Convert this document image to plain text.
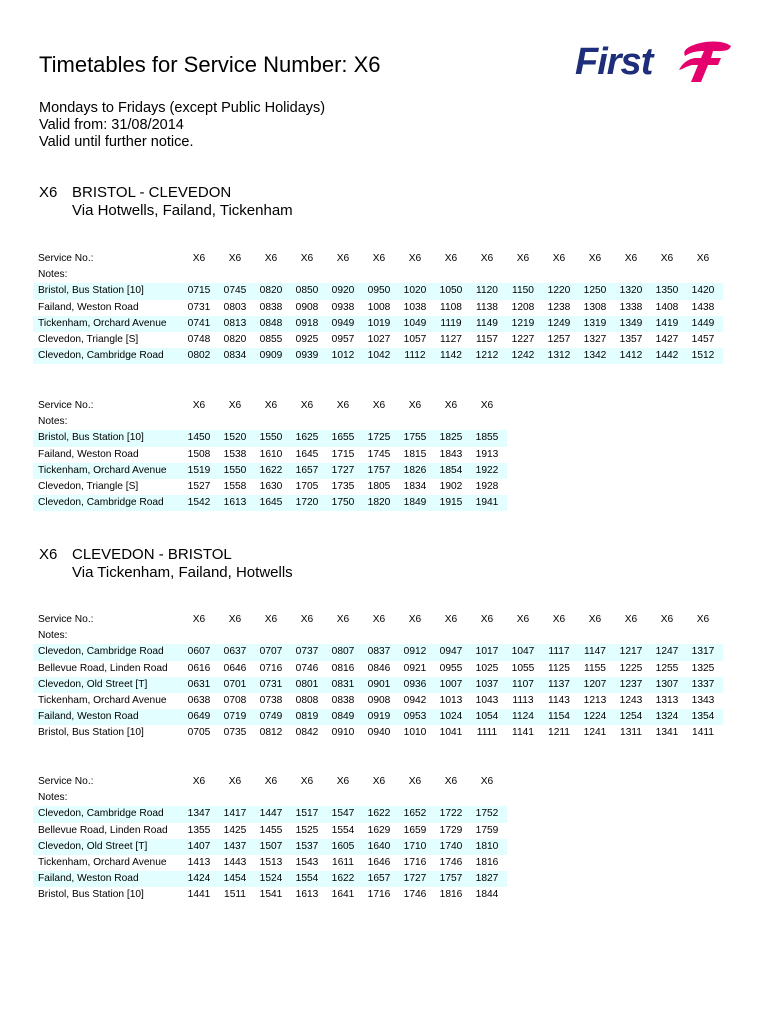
Timetables for Service Number: X6	First
Mondays to Fridays (except Public Holidays)
Valid from: 31/08/2014
Valid until further notice.
X6 BRISTOL - CLEVEDON
Via Hotwells, Failand, Tickenham
Service No.:	X6	X6	X6	X6	X6	X6	X6	X6	X6	X6	X6	X6	X6	X6	X6
Notes:
Bristol, Bus Station [10]	0715	0745	0820	0850	0920	0950	1020	1050	1120	1150	1220	1250	1320	1350	1420
Failand, Weston Road	0731	0803	0838	0908	0938	1008	1038	1108	1138	1208	1238	1308	1338	1408	1438
Tickenham, Orchard Avenue	0741	0813	0848	0918	0949	1019	1049	1119	1149	1219	1249	1319	1349	1419	1449
Clevedon, Triangle [S]	0748	0820	0855	0925	0957	1027	1057	1127	1157	1227	1257	1327	1357	1427	1457
Clevedon, Cambridge Road	0802	0834	0909	0939	1012	1042	1112	1142	1212	1242	1312	1342	1412	1442	1512
Service No.:	X6	X6	X6	X6	X6	X6	X6	X6	X6
Notes:
Bristol, Bus Station [10]	1450	1520	1550	1625	1655	1725	1755	1825	1855
Failand, Weston Road	1508	1538	1610	1645	1715	1745	1815	1843	1913
Tickenham, Orchard Avenue	1519	1550	1622	1657	1727	1757	1826	1854	1922
Clevedon, Triangle [S]	1527	1558	1630	1705	1735	1805	1834	1902	1928
Clevedon, Cambridge Road	1542	1613	1645	1720	1750	1820	1849	1915	1941
X6 CLEVEDON - BRISTOL
Via Tickenham, Failand, Hotwells
Service No.:	X6	X6	X6	X6	X6	X6	X6	X6	X6	X6	X6	X6	X6	X6	X6
Notes:
Clevedon, Cambridge Road	0607	0637	0707	0737	0807	0837	0912	0947	1017	1047	1117	1147	1217	1247	1317
Bellevue Road, Linden Road	0616	0646	0716	0746	0816	0846	0921	0955	1025	1055	1125	1155	1225	1255	1325
Clevedon, Old Street [T]	0631	0701	0731	0801	0831	0901	0936	1007	1037	1107	1137	1207	1237	1307	1337
Tickenham, Orchard Avenue	0638	0708	0738	0808	0838	0908	0942	1013	1043	1113	1143	1213	1243	1313	1343
Failand, Weston Road	0649	0719	0749	0819	0849	0919	0953	1024	1054	1124	1154	1224	1254	1324	1354
Bristol, Bus Station [10]	0705	0735	0812	0842	0910	0940	1010	1041	1111	1141	1211	1241	1311	1341	1411
Service No.:	X6	X6	X6	X6	X6	X6	X6	X6	X6
Notes:
Clevedon, Cambridge Road	1347	1417	1447	1517	1547	1622	1652	1722	1752
Bellevue Road, Linden Road	1355	1425	1455	1525	1554	1629	1659	1729	1759
Clevedon, Old Street [T]	1407	1437	1507	1537	1605	1640	1710	1740	1810
Tickenham, Orchard Avenue	1413	1443	1513	1543	1611	1646	1716	1746	1816
Failand, Weston Road	1424	1454	1524	1554	1622	1657	1727	1757	1827
Bristol, Bus Station [10]	1441	1511	1541	1613	1641	1716	1746	1816	1844
